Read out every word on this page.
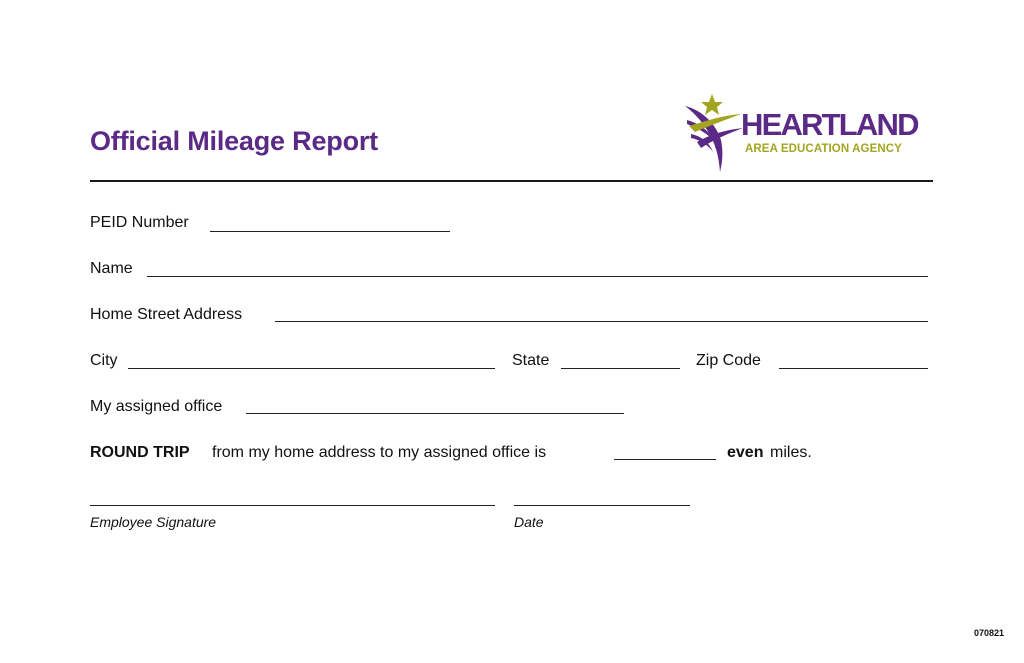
Official Mileage Report	HEARTLAND
AREA EDUCATION AGENCY
PEID Number
Name
Home Street Address
City	State	Zip Code
My assigned office
ROUND TRIP from my home address to my assigned office is	even miles.
Employee Signature	Date
070821
